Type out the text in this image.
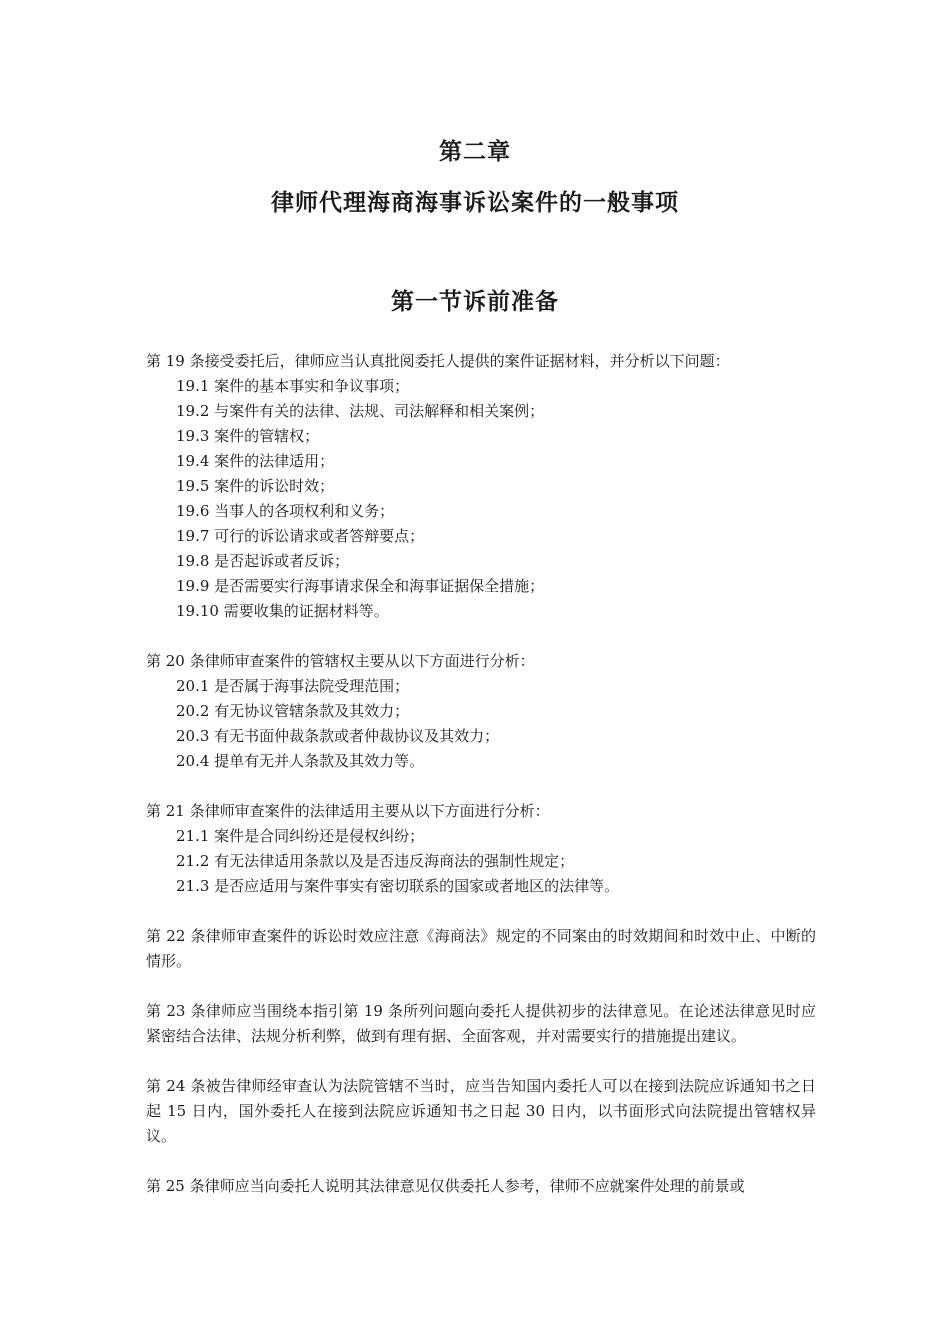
第二章
律师代理海商海事诉讼案件的一般事项
第一节诉前准备

第 19 条接受委托后，律师应当认真批阅委托人提供的案件证据材料，并分析以下问题：

19.1 案件的基本事实和争议事项；

19.2 与案件有关的法律、法规、司法解释和相关案例；

19.3 案件的管辖权；

19.4 案件的法律适用；

19.5 案件的诉讼时效；

19.6 当事人的各项权利和义务；

19.7 可行的诉讼请求或者答辩要点；

19.8 是否起诉或者反诉；

19.9 是否需要实行海事请求保全和海事证据保全措施；

19.10 需要收集的证据材料等。

第 20 条律师审查案件的管辖权主要从以下方面进行分析：

20.1 是否属于海事法院受理范围；

20.2 有无协议管辖条款及其效力；

20.3 有无书面仲裁条款或者仲裁协议及其效力；

20.4 提单有无并人条款及其效力等。

第 21 条律师审查案件的法律适用主要从以下方面进行分析：

21.1 案件是合同纠纷还是侵权纠纷；

21.2 有无法律适用条款以及是否违反海商法的强制性规定；

21.3 是否应适用与案件事实有密切联系的国家或者地区的法律等。

第 22 条律师审查案件的诉讼时效应注意《海商法》规定的不同案由的时效期间和时效中止、中断的情形。

第 23 条律师应当围绕本指引第 19 条所列问题向委托人提供初步的法律意见。在论述法律意见时应紧密结合法律、法规分析利弊，做到有理有据、全面客观，并对需要实行的措施提出建议。

第 24 条被告律师经审查认为法院管辖不当时，应当告知国内委托人可以在接到法院应诉通知书之日起 15 日内，国外委托人在接到法院应诉通知书之日起 30 日内，以书面形式向法院提出管辖权异议。

第 25 条律师应当向委托人说明其法律意见仅供委托人参考，律师不应就案件处理的前景或
